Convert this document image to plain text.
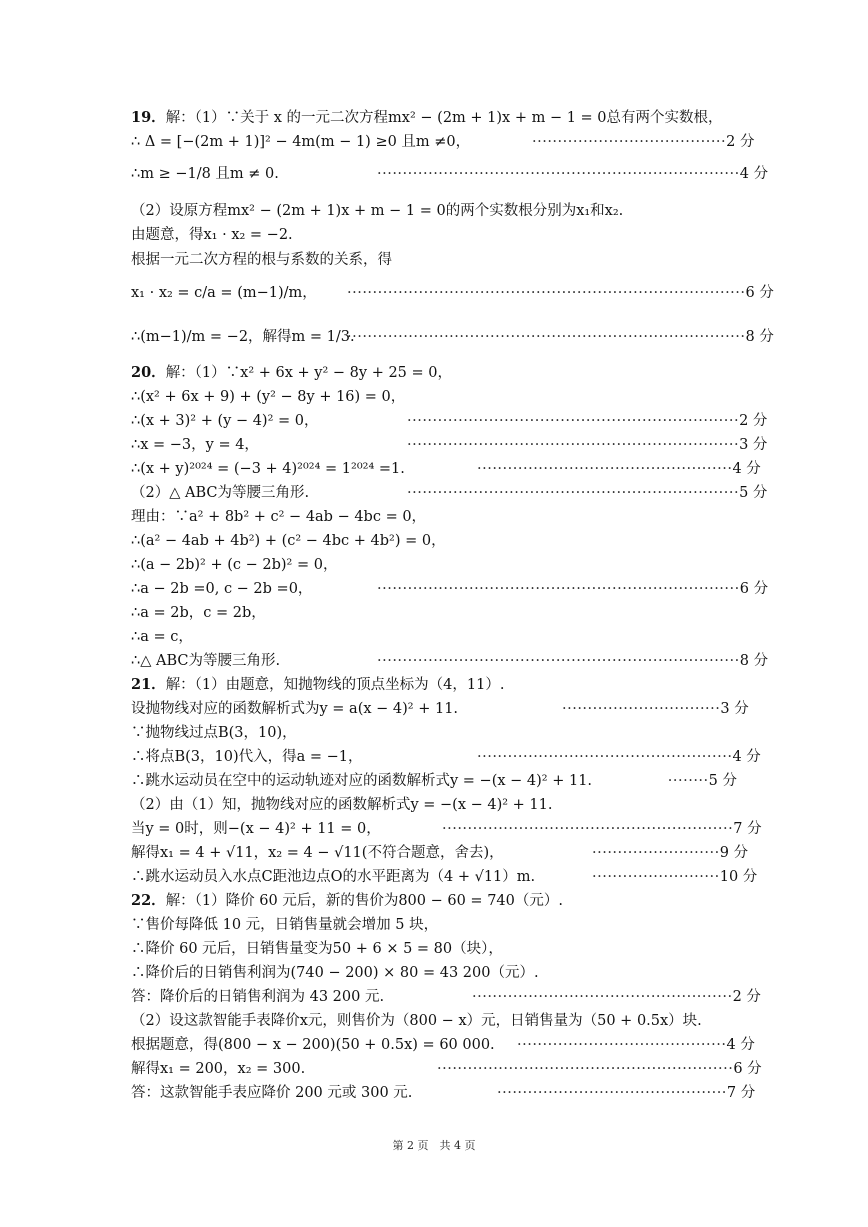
19．解：（1）∵关于 x 的一元二次方程mx² − (2m + 1)x + m − 1 = 0总有两个实数根，
∴ Δ = [−(2m + 1)]² − 4m(m − 1) ≥0 且m ≠0，	······································2 分
∴m ≥ −1/8 且m ≠ 0.	·······································································4 分
（2）设原方程mx² − (2m + 1)x + m − 1 = 0的两个实数根分别为x₁和x₂.
由题意，得x₁ · x₂ = −2.
根据一元二次方程的根与系数的关系，得
x₁ · x₂ = c/a = (m−1)/m， ··············································································6 分
∴(m−1)/m = −2，解得m = 1/3.
··············································································8 分
20．解：（1）∵x² + 6x + y² − 8y + 25 = 0，
∴(x² + 6x + 9) + (y² − 8y + 16) = 0，
∴(x + 3)² + (y − 4)² = 0，	·································································2 分
∴x = −3，y = 4，	·································································3 分
∴(x + y)²⁰²⁴ = (−3 + 4)²⁰²⁴ = 1²⁰²⁴ =1.	··················································4 分
（2）△ ABC为等腰三角形.	·································································5 分
理由：∵a² + 8b² + c² − 4ab − 4bc = 0，
∴(a² − 4ab + 4b²) + (c² − 4bc + 4b²) = 0，
∴(a − 2b)² + (c − 2b)² = 0，
∴a − 2b =0, c − 2b =0，	·······································································6 分
∴a = 2b，c = 2b，
∴a = c，
∴△ ABC为等腰三角形.	·······································································8 分
21．解：（1）由题意，知抛物线的顶点坐标为（4，11）.
设抛物线对应的函数解析式为y = a(x − 4)² + 11.	·······························3 分
∵抛物线过点B(3，10)，
∴将点B(3，10)代入，得a = −1，	··················································4 分
∴跳水运动员在空中的运动轨迹对应的函数解析式y = −(x − 4)² + 11.	········5 分
（2）由（1）知，抛物线对应的函数解析式y = −(x − 4)² + 11.
当y = 0时，则−(x − 4)² + 11 = 0，	·························································7 分
解得x₁ = 4 + √11，x₂ = 4 − √11(不符合题意，舍去)，	·························9 分
∴跳水运动员入水点C距池边点O的水平距离为（4 + √11）m.	·························10 分
22．解：（1）降价 60 元后，新的售价为800 − 60 = 740（元）.
∵售价每降低 10 元，日销售量就会增加 5 块，
∴降价 60 元后，日销售量变为50 + 6 × 5 = 80（块），
∴降价后的日销售利润为(740 − 200) × 80 = 43 200（元）.
答：降价后的日销售利润为 43 200 元.	···················································2 分
（2）设这款智能手表降价x元，则售价为（800 − x）元，日销售量为（50 + 0.5x）块.
根据题意，得(800 − x − 200)(50 + 0.5x) = 60 000. ·········································4 分
解得x₁ = 200，x₂ = 300.	··························································6 分
答：这款智能手表应降价 200 元或 300 元.	·············································7 分
第 2 页　共 4 页
